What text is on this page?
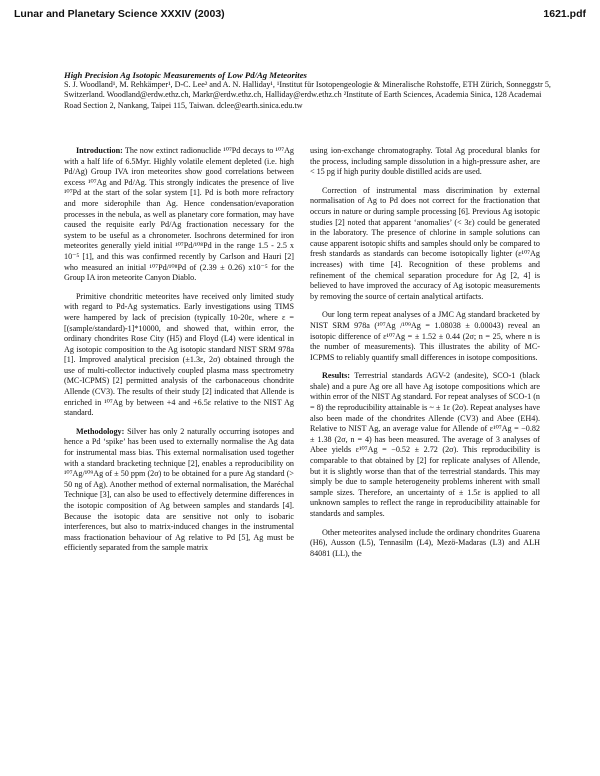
Lunar and Planetary Science XXXIV (2003)	1621.pdf
High Precision Ag Isotopic Measurements of Low Pd/Ag Meteorites
S. J. Woodland¹, M. Rehkämper¹, D-C. Lee² and A. N. Halliday¹, ¹Institut für Isotopengeologie & Mineralische Rohstoffe, ETH Zürich, Sonneggstr 5, Switzerland. Woodland@erdw.ethz.ch, Markr@erdw.ethz.ch, Halliday@erdw.ethz.ch ²Institute of Earth Sciences, Academia Sinica, 128 Academai Road Section 2, Nankang, Taipei 115, Taiwan. dclee@earth.sinica.edu.tw

Introduction: The now extinct radionuclide ¹⁰⁷Pd decays to ¹⁰⁷Ag with a half life of 6.5Myr. Highly volatile element depleted (i.e. high Pd/Ag) Group IVA iron meteorites show good correlations between excess ¹⁰⁷Ag and Pd/Ag. This strongly indicates the presence of live ¹⁰⁷Pd at the start of the solar system [1]. Pd is both more refractory and more siderophile than Ag. Hence condensation/evaporation processes in the nebula, as well as planetary core formation, may have caused the requisite early Pd/Ag fractionation necessary for the system to be useful as a chronometer. Isochrons determined for iron meteorites generally yield initial ¹⁰⁷Pd/¹⁰⁸Pd in the range 1.5 - 2.5 x 10⁻⁵ [1], and this was confirmed recently by Carlson and Hauri [2] who measured an initial ¹⁰⁷Pd/¹⁰⁸Pd of (2.39 ± 0.26) x10⁻⁵ for the Group IA iron meteorite Canyon Diablo.

Primitive chondritic meteorites have received only limited study with regard to Pd-Ag systematics. Early investigations using TIMS were hampered by lack of precision (typically 10-20ε, where ε = [(sample/standard)-1]*10000, and showed that, within error, the ordinary chondrites Rose City (H5) and Floyd (L4) were identical in Ag isotopic composition to the Ag isotopic standard NIST SRM 978a [1]. Improved analytical precision (±1.3ε, 2σ) obtained through the use of multi-collector inductively coupled plasma mass spectrometry (MC-ICPMS) [2] permitted analysis of the carbonaceous chondrite Allende (CV3). The results of their study [2] indicated that Allende is enriched in ¹⁰⁷Ag by between +4 and +6.5ε relative to the NIST Ag standard.

Methodology: Silver has only 2 naturally occurring isotopes and hence a Pd ‘spike’ has been used to externally normalise the Ag data for instrumental mass bias. This external normalisation used together with a standard bracketing technique [2], enables a reproducibility on ¹⁰⁷Ag/¹⁰⁹Ag of ± 50 ppm (2σ) to be obtained for a pure Ag standard (> 50 ng of Ag). Another method of external normalisation, the Maréchal Technique [3], can also be used to effectively determine differences in the isotopic composition of Ag between samples and standards [4]. Because the isotopic data are sensitive not only to isobaric interferences, but also to matrix-induced changes in the instrumental mass fractionation behaviour of Ag relative to Pd [5], Ag must be efficiently separated from the sample matrix

using ion-exchange chromatography. Total Ag procedural blanks for the process, including sample dissolution in a high-pressure asher, are < 15 pg if high purity double distilled acids are used.

Correction of instrumental mass discrimination by external normalisation of Ag to Pd does not correct for the fractionation that occurs in nature or during sample processing [6]. Previous Ag isotopic studies [2] noted that apparent ‘anomalies’ (< 3ε) could be generated in the laboratory. The presence of chlorine in sample solutions can cause apparent isotopic shifts and samples should only be compared to fresh standards as standards can become isotopically lighter (ε¹⁰⁷Ag increases) with time [4]. Recognition of these problems and refinement of the chemical separation procedure for Ag [2, 4] is believed to have improved the accuracy of Ag isotopic measurements by removing the source of certain analytical artifacts.

Our long term repeat analyses of a JMC Ag standard bracketed by NIST SRM 978a (¹⁰⁷Ag /¹⁰⁹Ag = 1.08038 ± 0.00043) reveal an isotopic difference of ε¹⁰⁷Ag = ± 1.52 ± 0.44 (2σ; n = 25, where n is the number of measurements). This illustrates the ability of MC-ICPMS to reliably quantify small differences in isotope compositions.

Results: Terrestrial standards AGV-2 (andesite), SCO-1 (black shale) and a pure Ag ore all have Ag isotope compositions which are within error of the NIST Ag standard. For repeat analyses of SCO-1 (n = 8) the reproducibility attainable is ~ ± 1ε (2σ). Repeat analyses have also been made of the chondrites Allende (CV3) and Abee (EH4). Relative to NIST Ag, an average value for Allende of ε¹⁰⁷Ag = −0.82 ± 1.38 (2σ, n = 4) has been measured. The average of 3 analyses of Abee yields ε¹⁰⁷Ag = −0.52 ± 2.72 (2σ). This reproducibility is comparable to that obtained by [2] for replicate analyses of Allende, but it is slightly worse than that of the terrestrial standards. This may simply be due to sample heterogeneity problems inherent with small sample sizes. Therefore, an uncertainty of ± 1.5ε is applied to all unknown samples to reflect the range in reproducibility attainable for standards and samples.

Other meteorites analysed include the ordinary chondrites Guarena (H6), Ausson (L5), Tennasilm (L4), Mezö-Madaras (L3) and ALH 84081 (LL), the
